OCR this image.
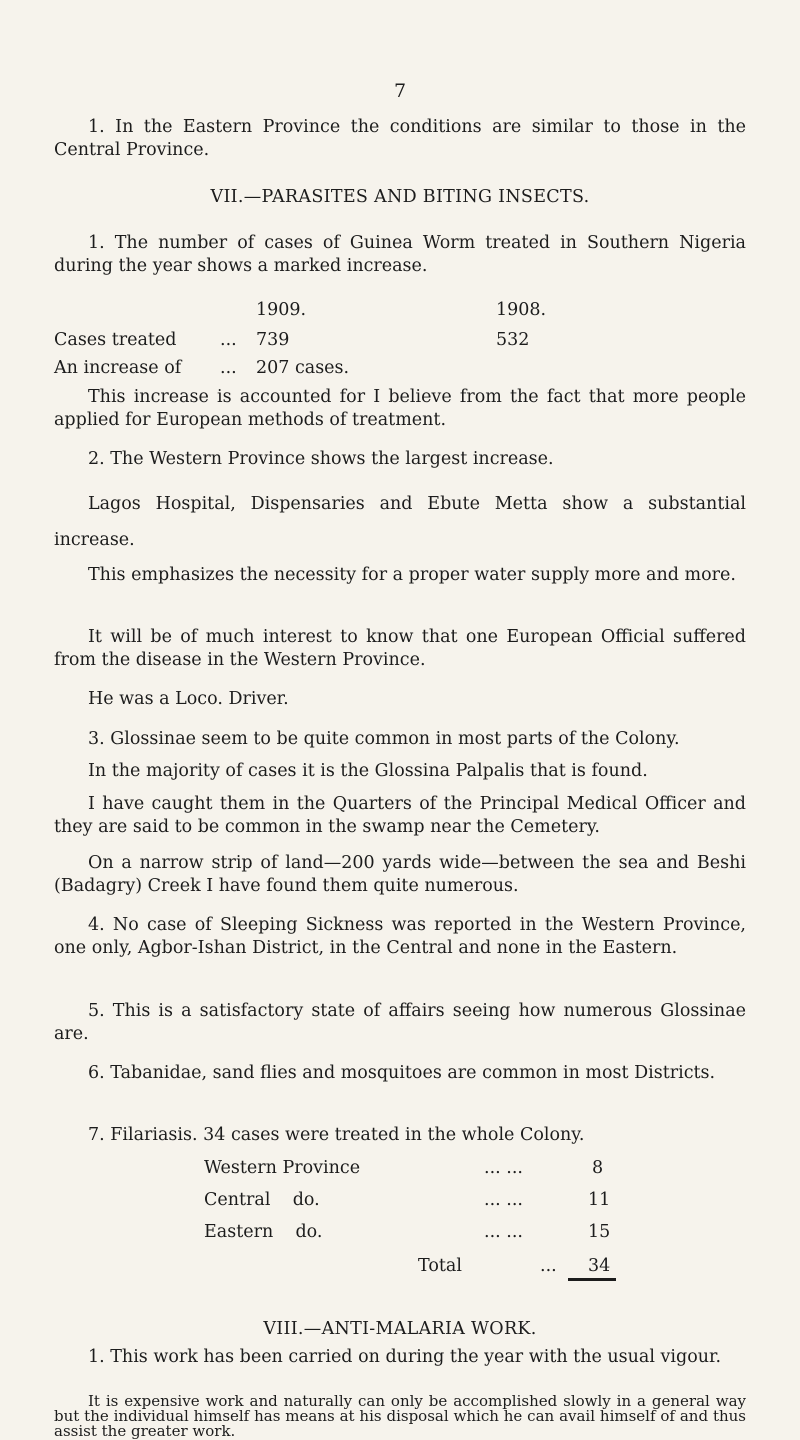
7

1. In the Eastern Province the conditions are similar to those in the Central Province.

VII.—PARASITES AND BITING INSECTS.

1. The number of cases of Guinea Worm treated in Southern Nigeria during the year shows a marked increase.

1909.	1908.
Cases treated ... 739	532
An increase of ... 207 cases.

This increase is accounted for I believe from the fact that more people applied for European methods of treatment.

2. The Western Province shows the largest increase.

Lagos Hospital, Dispensaries and Ebute Metta show a substantial increase.

This emphasizes the necessity for a proper water supply more and more.

It will be of much interest to know that one European Official suffered from the disease in the Western Province.

He was a Loco. Driver.

3. Glossinae seem to be quite common in most parts of the Colony.

In the majority of cases it is the Glossina Palpalis that is found.

I have caught them in the Quarters of the Principal Medical Officer and they are said to be common in the swamp near the Cemetery.

On a narrow strip of land—200 yards wide—between the sea and Beshi (Badagry) Creek I have found them quite numerous.

4. No case of Sleeping Sickness was reported in the Western Province, one only, Agbor-Ishan District, in the Central and none in the Eastern.

5. This is a satisfactory state of affairs seeing how numerous Glossinae are.

6. Tabanidae, sand flies and mosquitoes are common in most Districts.

7. Filariasis. 34 cases were treated in the whole Colony.

Western Province	... ...	8
Central    do.	... ...	11
Eastern    do.	... ...	15
Total	... 34

VIII.—ANTI-MALARIA WORK.

1. This work has been carried on during the year with the usual vigour.

It is expensive work and naturally can only be accomplished slowly in a general way but the individual himself has means at his disposal which he can avail himself of and thus assist the greater work.
